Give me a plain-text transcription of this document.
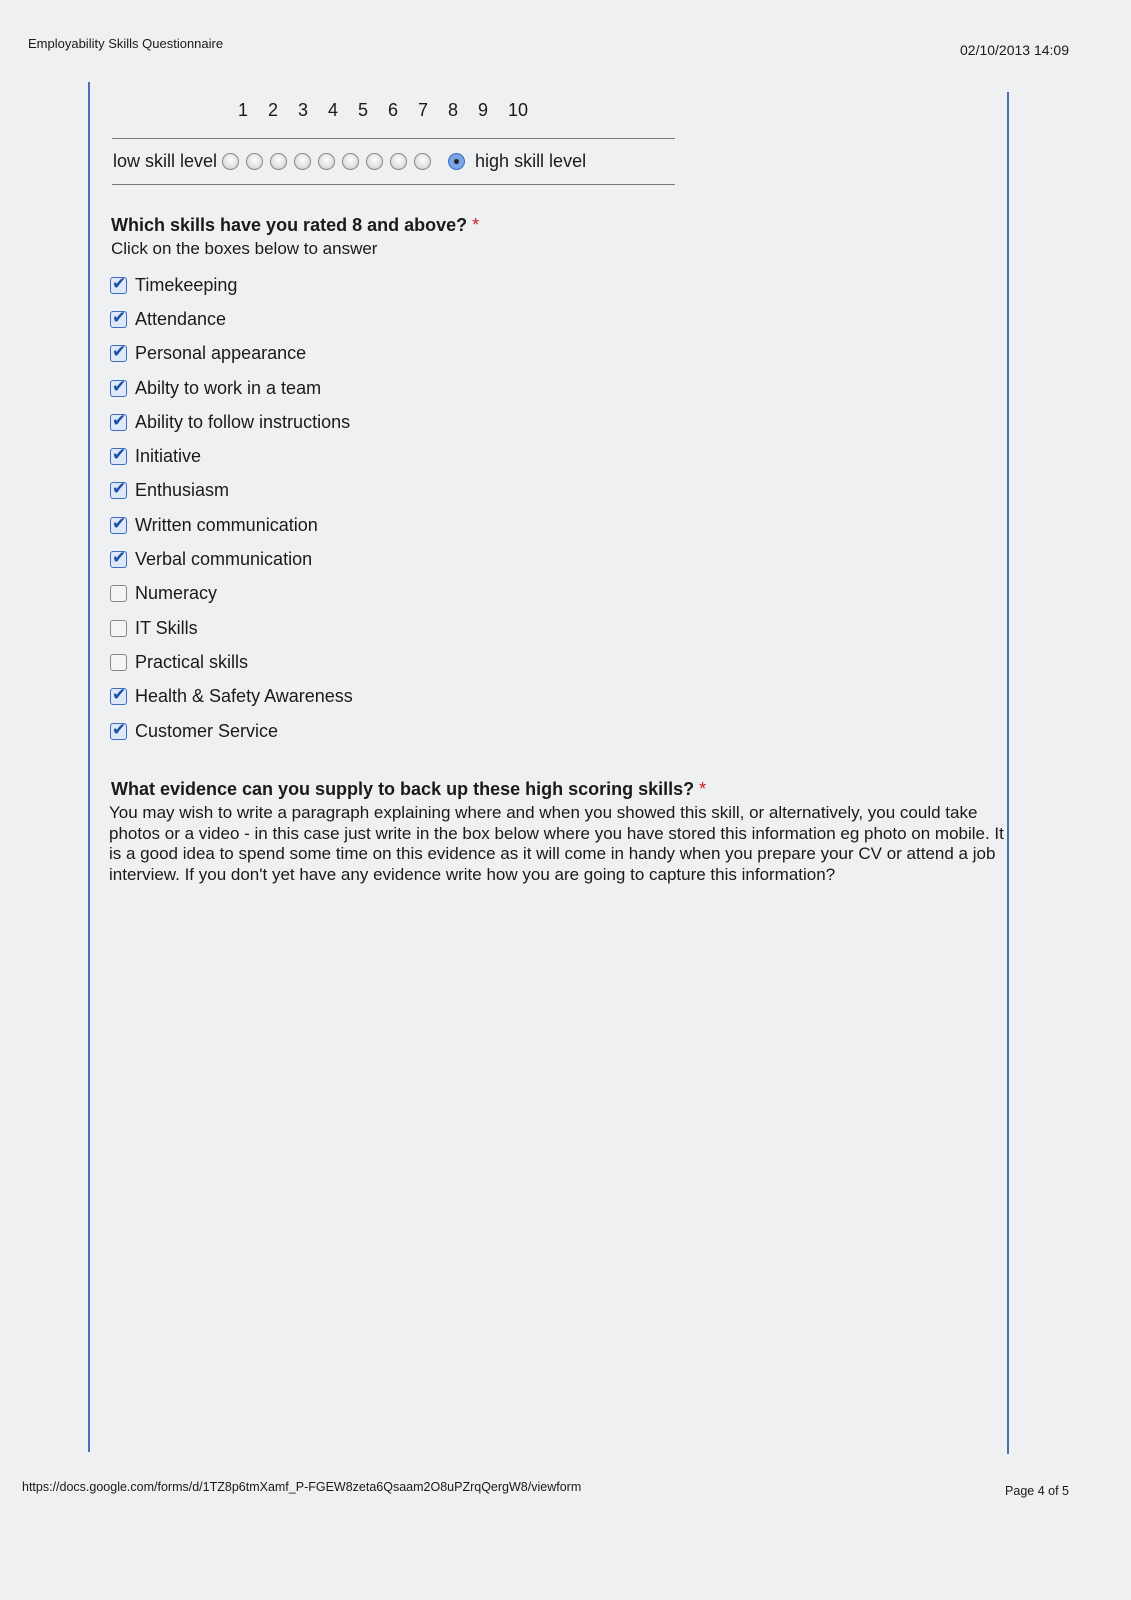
Employability Skills Questionnaire	02/10/2013 14:09
1 2 3 4 5 6 7 8 9 10
low skill level	high skill level
Which skills have you rated 8 and above? *
Click on the boxes below to answer
✔
Timekeeping
✔
Attendance
✔
Personal appearance
✔
Abilty to work in a team
✔
Ability to follow instructions
✔
Initiative
✔
Enthusiasm
✔
Written communication
✔
Verbal communication
Numeracy
IT Skills
Practical skills
✔
Health & Safety Awareness
✔
Customer Service
What evidence can you supply to back up these high scoring skills? *
You may wish to write a paragraph explaining where and when you showed this skill, or alternatively, you could take photos or a video - in this case just write in the box below where you have stored this information eg photo on mobile. It is a good idea to spend some time on this evidence as it will come in handy when you prepare your CV or attend a job interview. If you don't yet have any evidence write how you are going to capture this information?
https://docs.google.com/forms/d/1TZ8p6tmXamf_P-FGEW8zeta6Qsaam2O8uPZrqQergW8/viewform	Page 4 of 5
